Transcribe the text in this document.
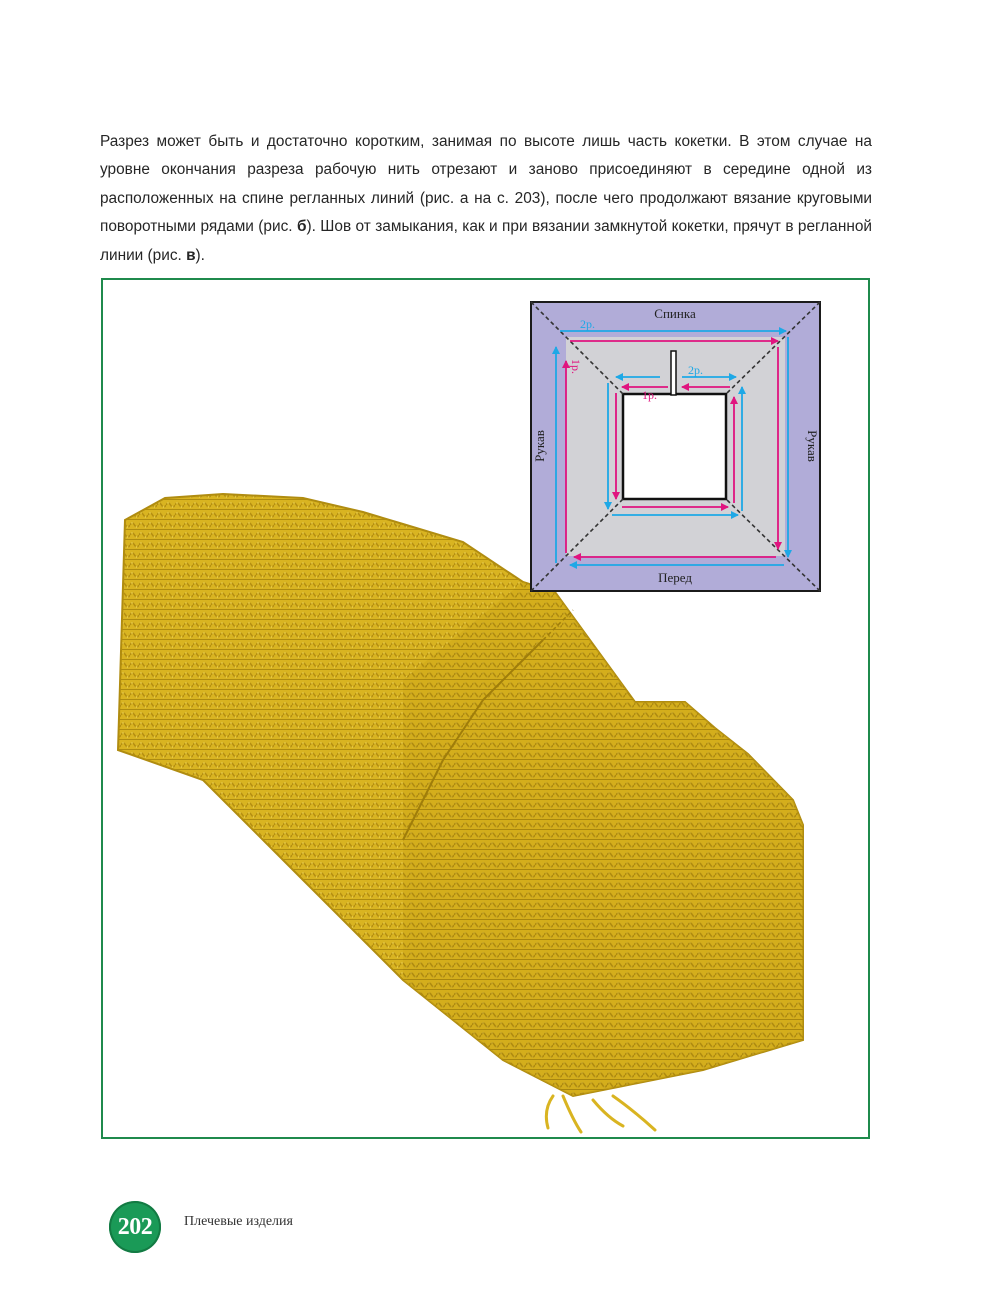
Разрез может быть и достаточно коротким, занимая по высоте лишь часть кокетки. В этом случае на уровне окончания разреза рабочую нить отрезают и заново присоединяют в середине одной из расположенных на спине регланных линий (рис. а на с. 203), после чего продолжают вязание круговыми поворотными рядами (рис. б). Шов от замыкания, как и при вязании замкнутой кокетки, прячут в регланной линии (рис. в).

Спинка
Перед
Рукав	Рукав
2р.
1р.
1р.
2р.
202 Плечевые изделия
